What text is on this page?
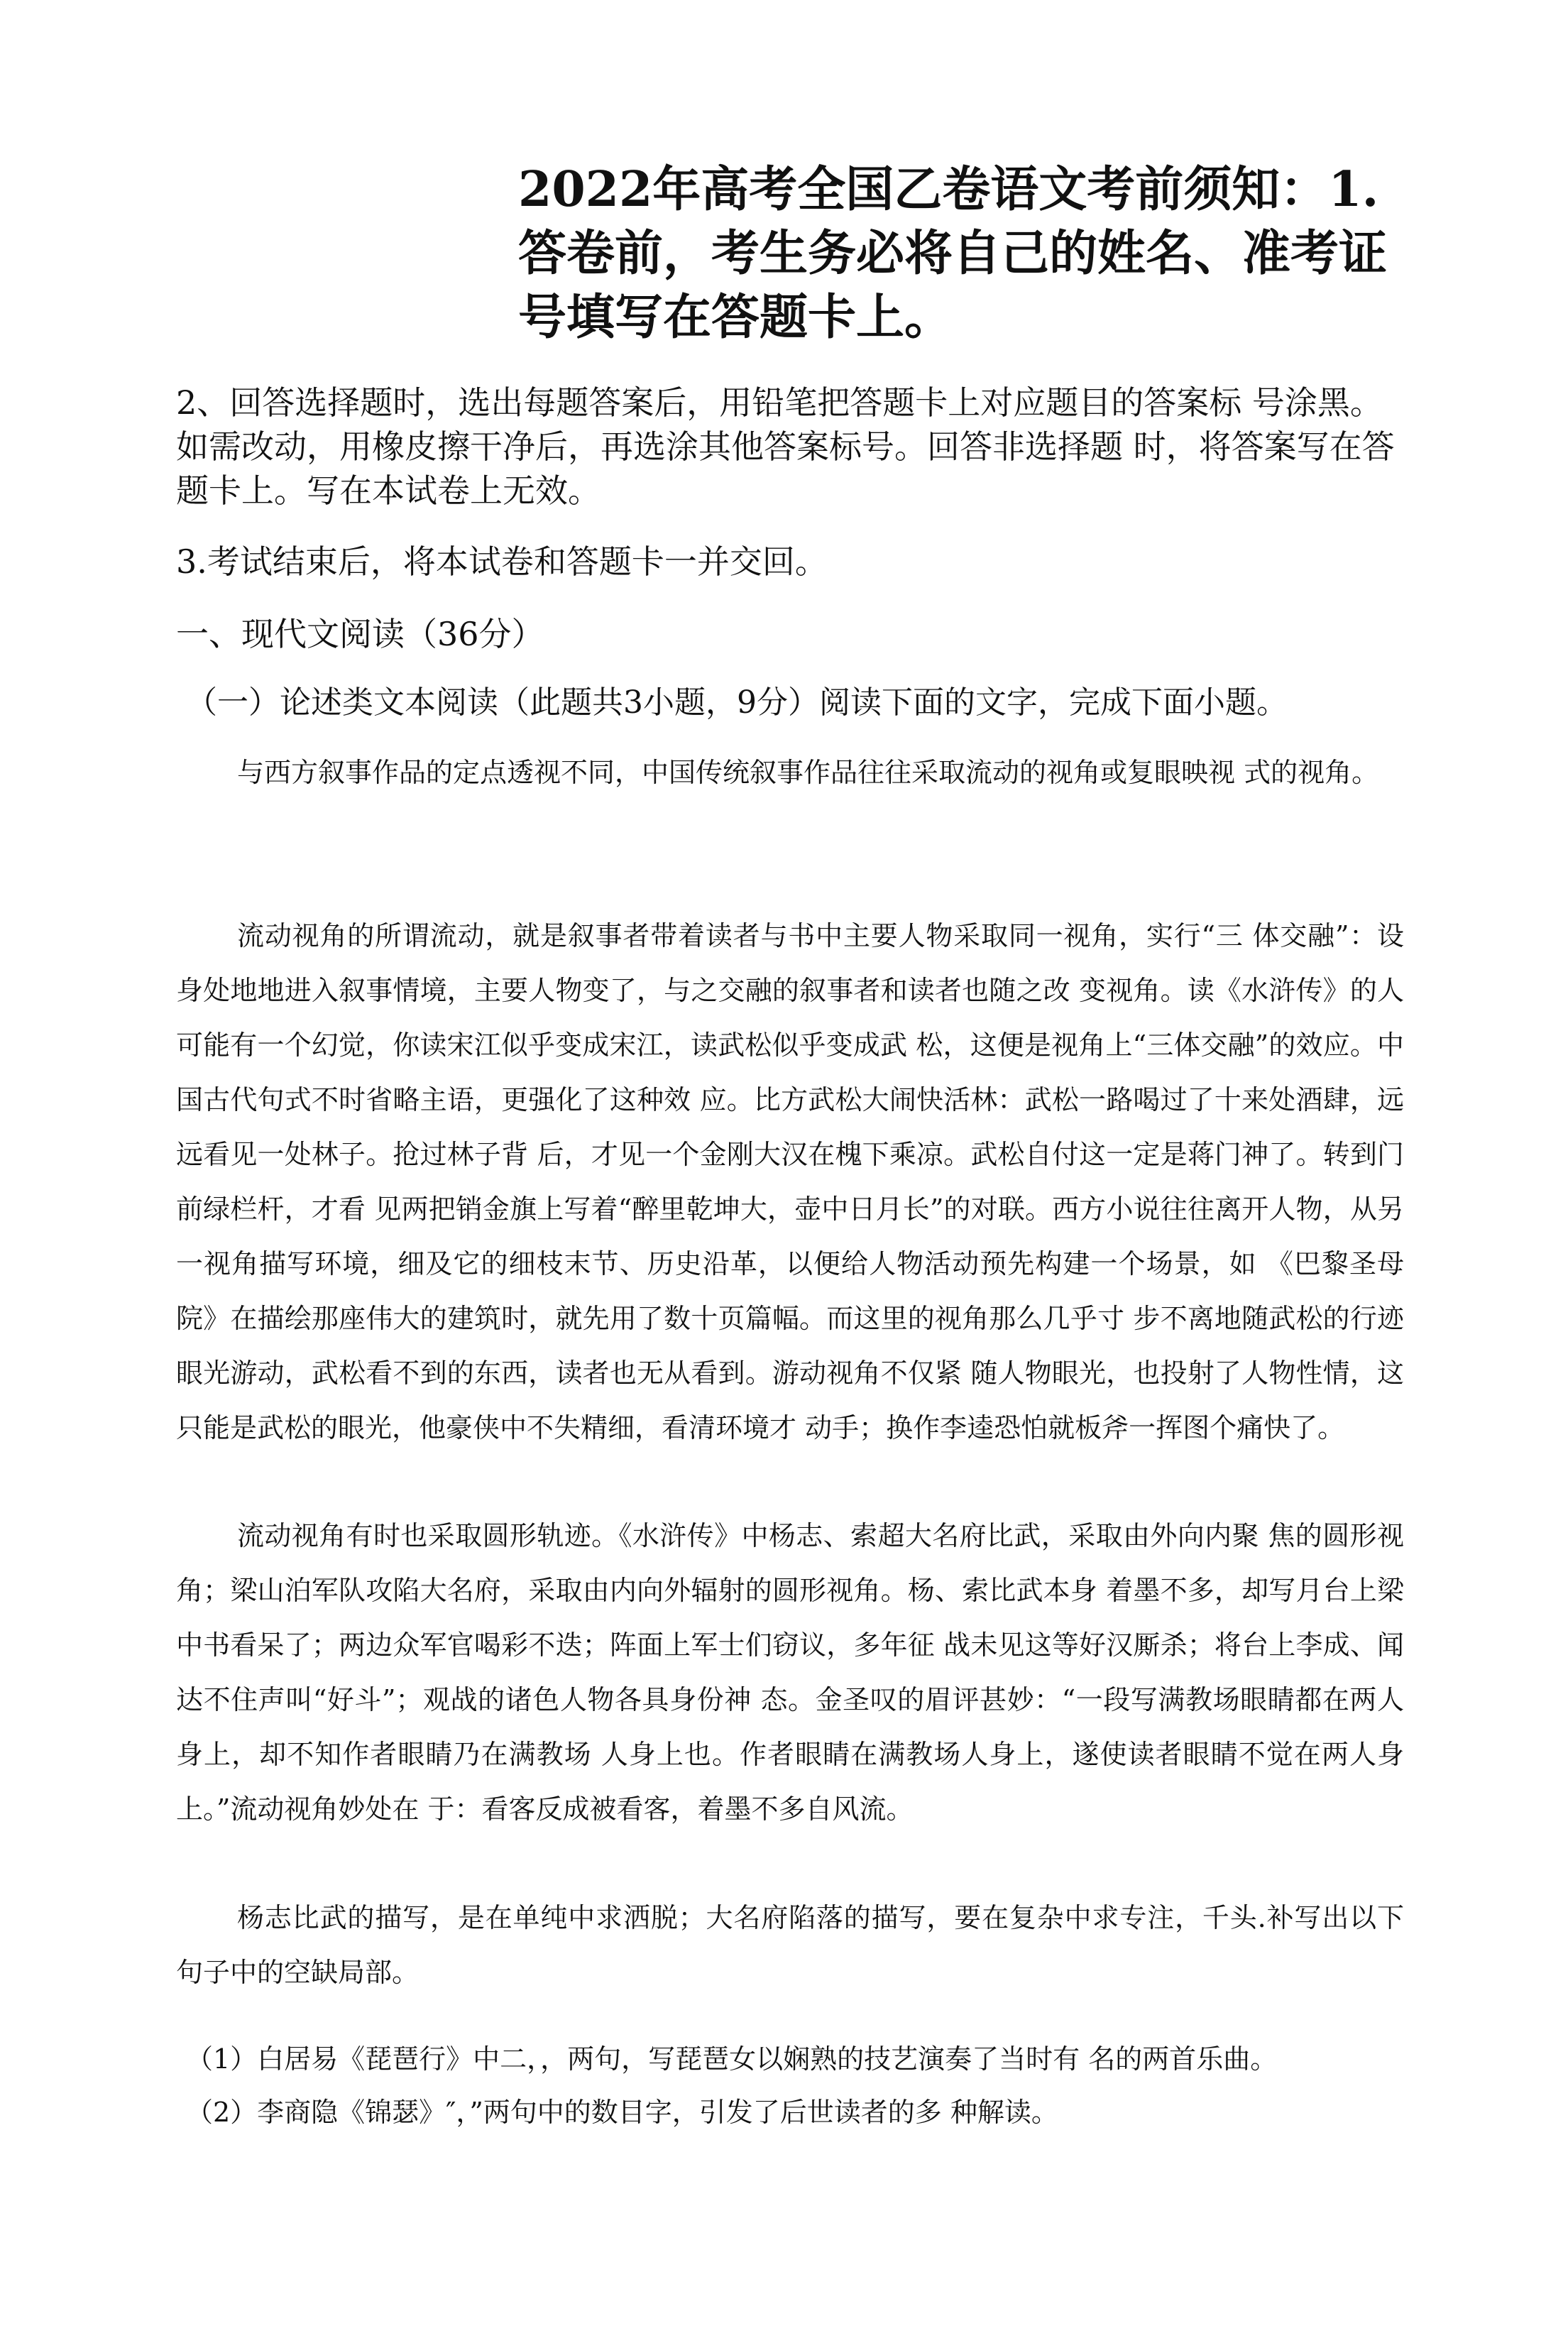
2022年高考全国乙卷语文考前须知：1.答卷前，考生务必将自己的姓名、准考证号填写在答题卡上。

2、回答选择题时，选出每题答案后，用铅笔把答题卡上对应题目的答案标 号涂黑。如需改动，用橡皮擦干净后，再选涂其他答案标号。回答非选择题 时，将答案写在答题卡上。写在本试卷上无效。

3.考试结束后，将本试卷和答题卡一并交回。

一、现代文阅读（36分）

（一）论述类文本阅读（此题共3小题，9分）阅读下面的文字，完成下面小题。

与西方叙事作品的定点透视不同，中国传统叙事作品往往采取流动的视角或复眼映视 式的视角。

流动视角的所谓流动，就是叙事者带着读者与书中主要人物采取同一视角，实行“三 体交融”：设身处地地进入叙事情境，主要人物变了，与之交融的叙事者和读者也随之改 变视角。读《水浒传》的人可能有一个幻觉，你读宋江似乎变成宋江，读武松似乎变成武 松，这便是视角上“三体交融”的效应。中国古代句式不时省略主语，更强化了这种效 应。比方武松大闹快活林：武松一路喝过了十来处酒肆，远远看见一处林子。抢过林子背 后，才见一个金刚大汉在槐下乘凉。武松自付这一定是蒋门神了。转到门前绿栏杆，才看 见两把销金旗上写着“醉里乾坤大，壶中日月长”的对联。西方小说往往离开人物，从另 一视角描写环境，细及它的细枝末节、历史沿革，以便给人物活动预先构建一个场景，如 《巴黎圣母院》在描绘那座伟大的建筑时，就先用了数十页篇幅。而这里的视角那么几乎寸 步不离地随武松的行迹眼光游动，武松看不到的东西，读者也无从看到。游动视角不仅紧 随人物眼光，也投射了人物性情，这只能是武松的眼光，他豪侠中不失精细，看清环境才 动手；换作李逵恐怕就板斧一挥图个痛快了。

流动视角有时也采取圆形轨迹。《水浒传》中杨志、索超大名府比武，采取由外向内聚 焦的圆形视角；梁山泊军队攻陷大名府，采取由内向外辐射的圆形视角。杨、索比武本身 着墨不多，却写月台上梁中书看呆了；两边众军官喝彩不迭；阵面上军士们窃议，多年征 战未见这等好汉厮杀；将台上李成、闻达不住声叫“好斗”；观战的诸色人物各具身份神 态。金圣叹的眉评甚妙：“一段写满教场眼睛都在两人身上，却不知作者眼睛乃在满教场 人身上也。作者眼睛在满教场人身上，遂使读者眼睛不觉在两人身上。”流动视角妙处在 于：看客反成被看客，着墨不多自风流。

杨志比武的描写，是在单纯中求洒脱；大名府陷落的描写，要在复杂中求专注，千头.补写出以下句子中的空缺局部。

（1）白居易《琵琶行》中二，，两句，写琵琶女以娴熟的技艺演奏了当时有 名的两首乐曲。

（2）李商隐《锦瑟》″，”两句中的数目字，引发了后世读者的多 种解读。
